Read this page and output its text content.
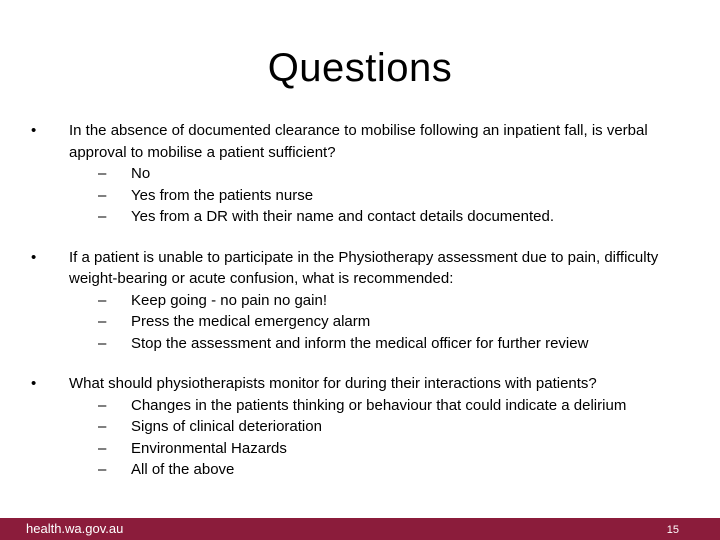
Questions
• In the absence of documented clearance to mobilise following an inpatient fall, is verbal approval to mobilise a patient sufficient?
– No
– Yes from the patients nurse
– Yes from a DR with their name and contact details documented.
• If a patient is unable to participate in the Physiotherapy assessment due to pain, difficulty weight-bearing or acute confusion, what is recommended:
– Keep going - no pain no gain!
– Press the medical emergency alarm
– Stop the assessment and inform the medical officer for further review
• What should physiotherapists monitor for during their interactions with patients?
– Changes in the patients thinking or behaviour that could indicate a delirium
– Signs of clinical deterioration
– Environmental Hazards
– All of the above
health.wa.gov.au	15
